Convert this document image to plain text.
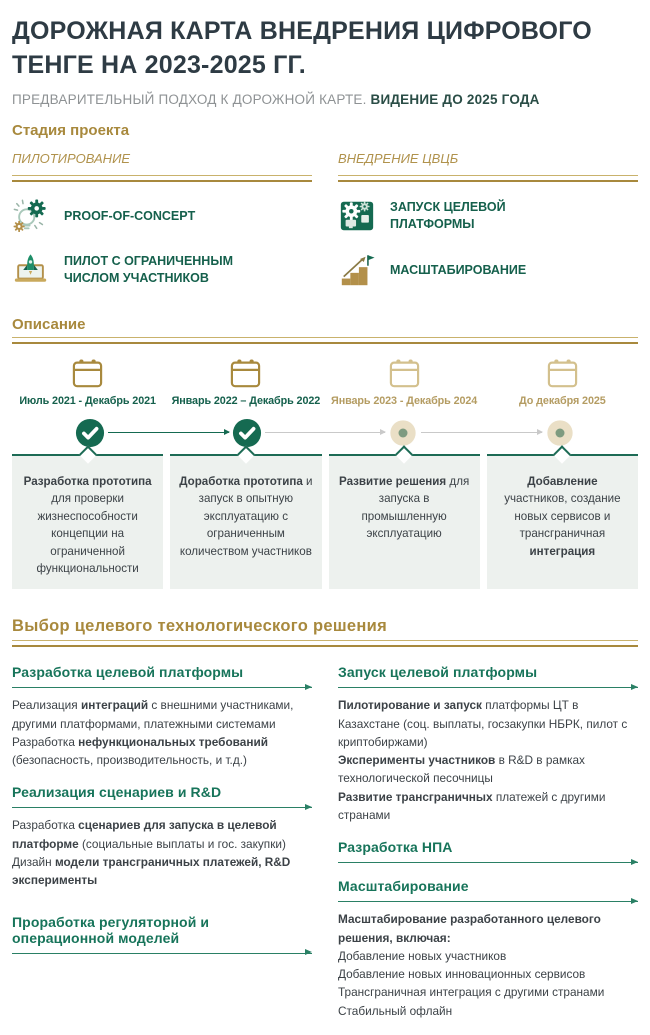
ДОРОЖНАЯ КАРТА ВНЕДРЕНИЯ ЦИФРОВОГО ТЕНГЕ НА 2023-2025 ГГ.
ПРЕДВАРИТЕЛЬНЫЙ ПОДХОД К ДОРОЖНОЙ КАРТЕ. ВИДЕНИЕ ДО 2025 ГОДА
Стадия проекта
ПИЛОТИРОВАНИЕ
PROOF-OF-CONCEPT
ПИЛОТ С ОГРАНИЧЕННЫМ ЧИСЛОМ УЧАСТНИКОВ
ВНЕДРЕНИЕ ЦВЦБ
ЗАПУСК ЦЕЛЕВОЙ ПЛАТФОРМЫ
МАСШТАБИРОВАНИЕ
Описание
Июль 2021 - Декабрь 2021	Январь 2022 – Декабрь 2022 Январь 2023 - Декабрь 2024	До декабря 2025
Разработка прототипа для проверки жизнеспособности концепции на ограниченной функциональности
Доработка прототипа и запуск в опытную эксплуатацию с ограниченным количеством участников
Развитие решения для запуска в промышленную эксплуатацию
Добавление участников, создание новых сервисов и трансграничная интеграция
Выбор целевого технологического решения
Разработка целевой платформы
Реализация интеграций с внешними участниками, другими платформами, платежными системами
Разработка нефункциональных требований (безопасность, производительность, и т.д.)
Реализация сценариев и R&D
Разработка сценариев для запуска в целевой платформе (социальные выплаты и гос. закупки)
Дизайн модели трансграничных платежей, R&D эксперименты
Проработка регуляторной и операционной моделей
Запуск целевой платформы
Пилотирование и запуск платформы ЦТ в Казахстане (соц. выплаты, госзакупки НБРК, пилот с криптобиржами)
Эксперименты участников в R&D в рамках технологической песочницы
Развитие трансграничных платежей с другими странами
Разработка НПА
Масштабирование
Масштабирование разработанного целевого решения, включая:
Добавление новых участников
Добавление новых инновационных сервисов
Трансграничная интеграция с другими странами
Стабильный офлайн
